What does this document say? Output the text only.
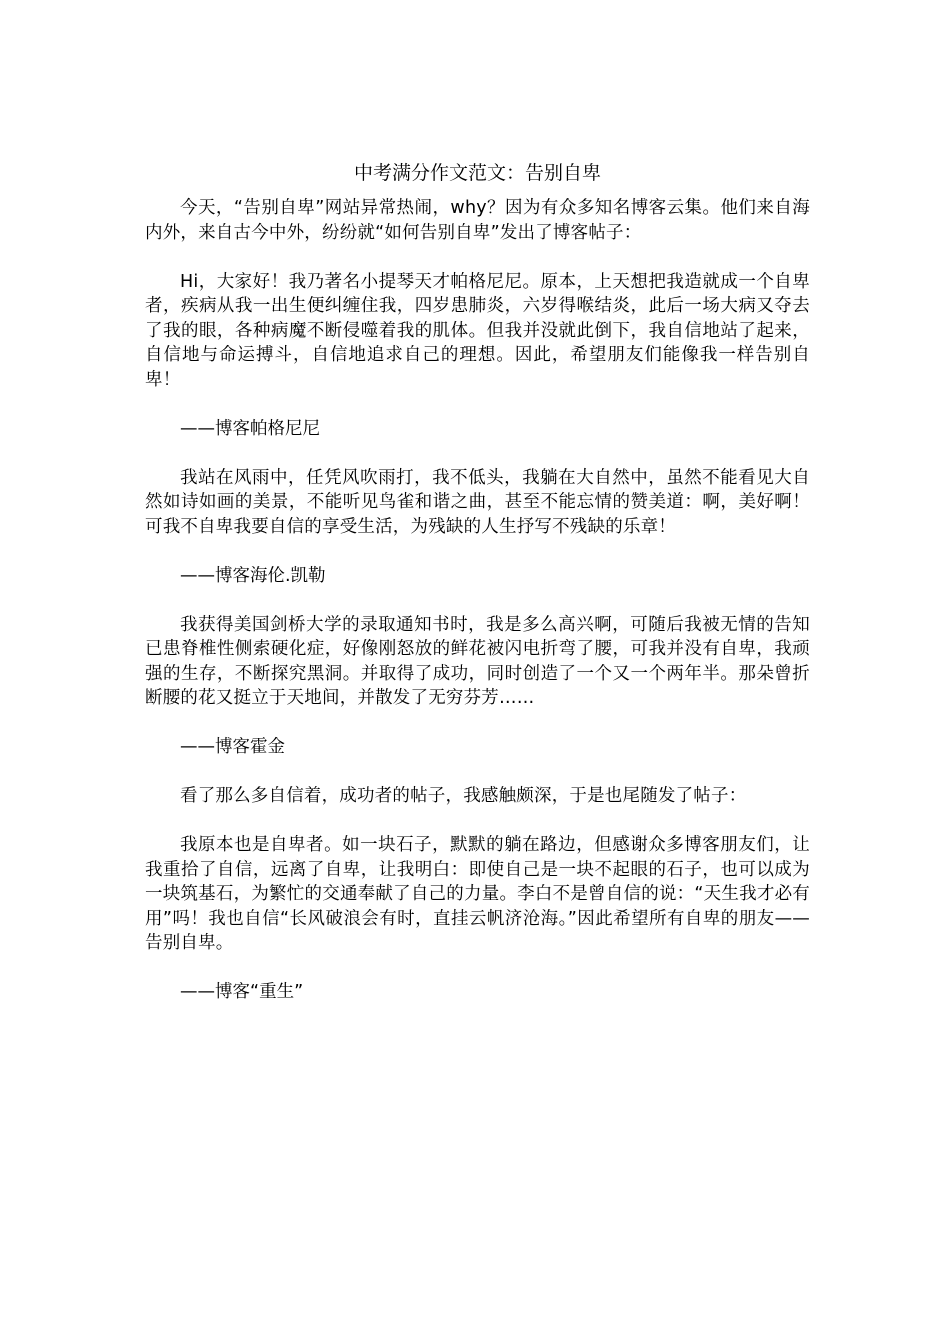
中考满分作文范文：告别自卑

今天，“告别自卑”网站异常热闹，why？因为有众多知名博客云集。他们来自海内外，来自古今中外，纷纷就“如何告别自卑”发出了博客帖子：

Hi，大家好！我乃著名小提琴天才帕格尼尼。原本，上天想把我造就成一个自卑者，疾病从我一出生便纠缠住我，四岁患肺炎，六岁得喉结炎，此后一场大病又夺去了我的眼，各种病魔不断侵噬着我的肌体。但我并没就此倒下，我自信地站了起来，自信地与命运搏斗，自信地追求自己的理想。因此，希望朋友们能像我一样告别自卑！

——博客帕格尼尼

我站在风雨中，任凭风吹雨打，我不低头，我躺在大自然中，虽然不能看见大自然如诗如画的美景，不能听见鸟雀和谐之曲，甚至不能忘情的赞美道：啊，美好啊！可我不自卑我要自信的享受生活，为残缺的人生抒写不残缺的乐章！

——博客海伦.凯勒

我获得美国剑桥大学的录取通知书时，我是多么高兴啊，可随后我被无情的告知已患脊椎性侧索硬化症，好像刚怒放的鲜花被闪电折弯了腰，可我并没有自卑，我顽强的生存，不断探究黑洞。并取得了成功，同时创造了一个又一个两年半。那朵曾折断腰的花又挺立于天地间，并散发了无穷芬芳……

——博客霍金

看了那么多自信着，成功者的帖子，我感触颇深，于是也尾随发了帖子：

我原本也是自卑者。如一块石子，默默的躺在路边，但感谢众多博客朋友们，让我重拾了自信，远离了自卑，让我明白：即使自己是一块不起眼的石子，也可以成为一块筑基石，为繁忙的交通奉献了自己的力量。李白不是曾自信的说：“天生我才必有用”吗！我也自信“长风破浪会有时，直挂云帆济沧海。”因此希望所有自卑的朋友——告别自卑。

——博客“重生”
